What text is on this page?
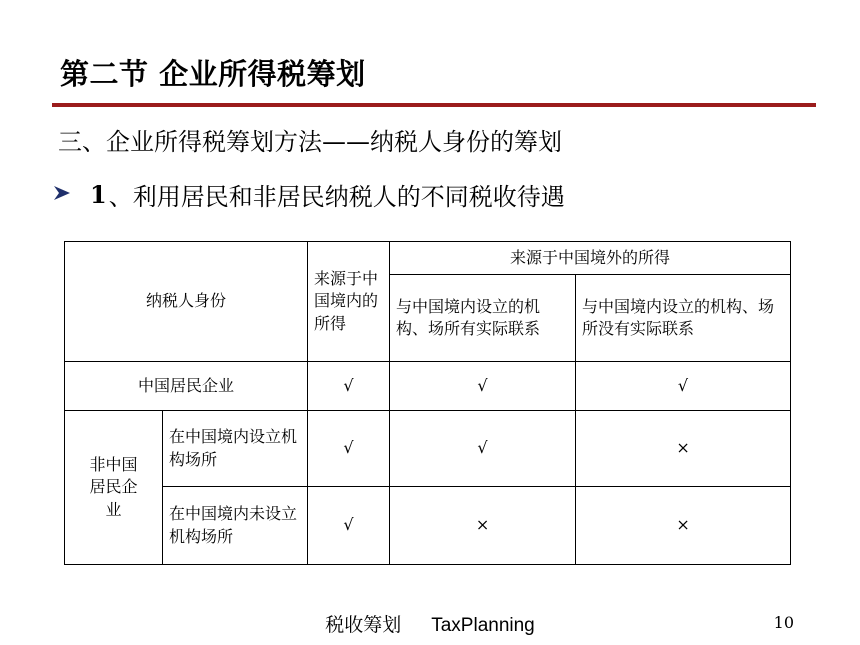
第二节 企业所得税筹划
三、企业所得税筹划方法——纳税人身份的筹划
1 、利用居民和非居民纳税人的不同税收待遇
纳税人身份		来源于中国境内的所得	来源于中国境外的所得	
			与中国境内设立的机构、场所有实际联系	与中国境内设立的机构、场所没有实际联系
中国居民企业		√	√	√
非中国居民企业	在中国境内设立机构场所	√	√	×
	在中国境内未设立机构场所	√	×	×
税收筹划 TaxPlanning	10
